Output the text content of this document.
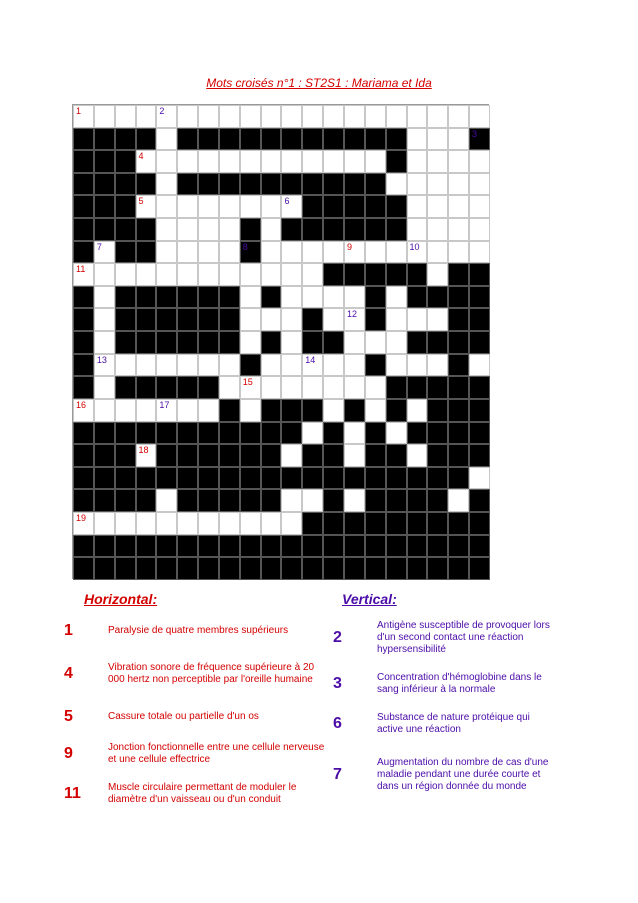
Mots croisés n°1 : ST2S1 : Mariama et Ida
1	2
3
4
5	6
7	8	9	10
11
12
13	14
15
16	17
18
19
Horizontal:	Vertical:
1	Paralysie de quatre membres supérieurs
4	Vibration sonore de fréquence supérieure à 20 000 hertz non perceptible par l'oreille humaine
5	Cassure totale ou partielle d'un os
9	Jonction fonctionnelle entre une cellule nerveuse et une cellule effectrice
11	Muscle circulaire permettant de moduler le diamètre d'un vaisseau ou d'un conduit
2
Antigène susceptible de provoquer lors d'un second contact une réaction hypersensibilité
3	Concentration d'hémoglobine dans le sang inférieur à la normale
6	Substance de nature protéique qui active une réaction
7
Augmentation du nombre de cas d'une maladie pendant une durée courte et dans un région donnée du monde
